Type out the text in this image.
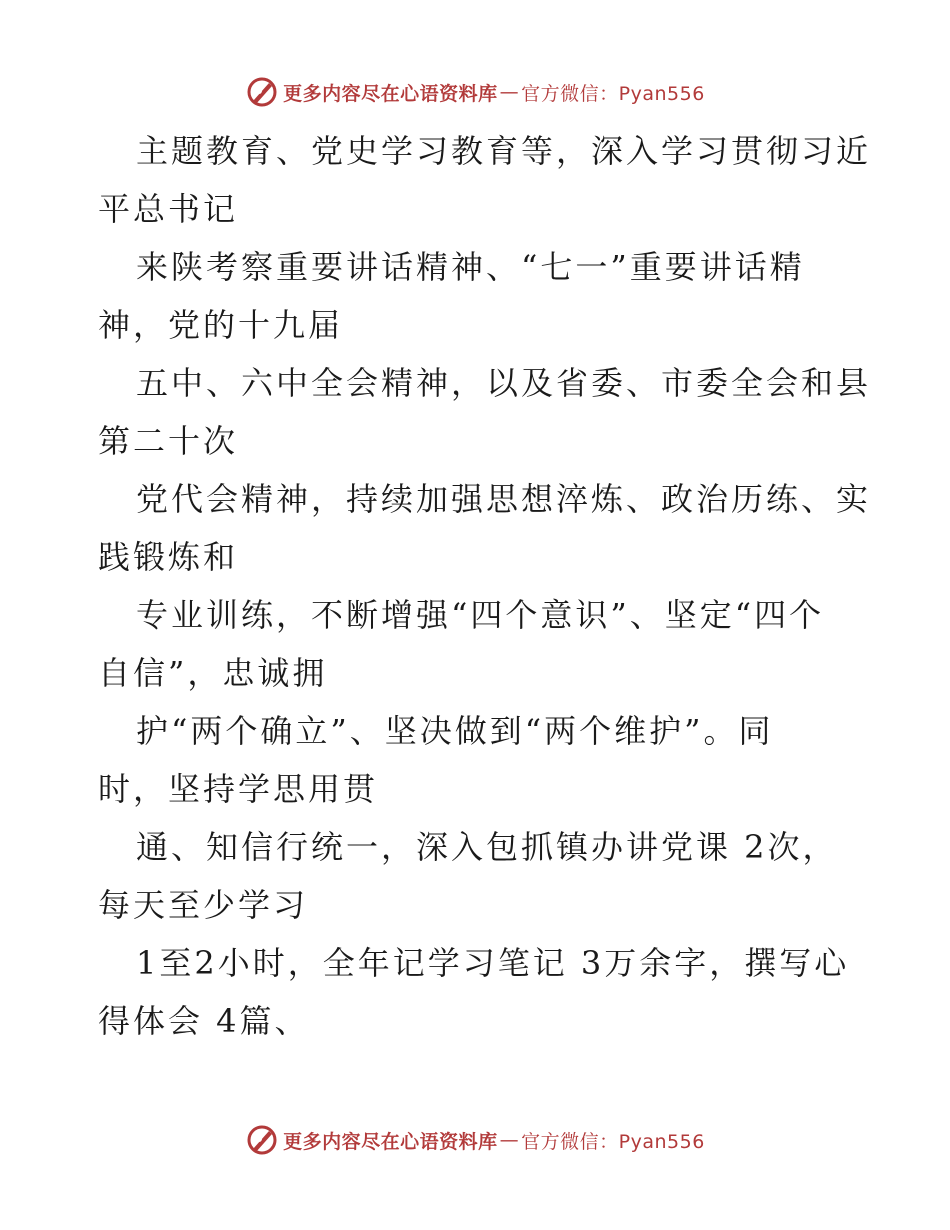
更多内容尽在心语资料库 — 官方微信：Pyan556
主题教育、党史学习教育等，深入学习贯彻习近
平总书记
来陕考察重要讲话精神、“七一”重要讲话精
神，党的十九届
五中、六中全会精神，以及省委、市委全会和县
第二十次
党代会精神，持续加强思想淬炼、政治历练、实
践锻炼和
专业训练，不断增强“四个意识”、坚定“四个
自信”，忠诚拥
护“两个确立”、坚决做到“两个维护”。同
时，坚持学思用贯
通、知信行统一，深入包抓镇办讲党课 2次，
每天至少学习
1至2小时，全年记学习笔记 3万余字，撰写心
得体会 4篇、
更多内容尽在心语资料库 — 官方微信：Pyan556
